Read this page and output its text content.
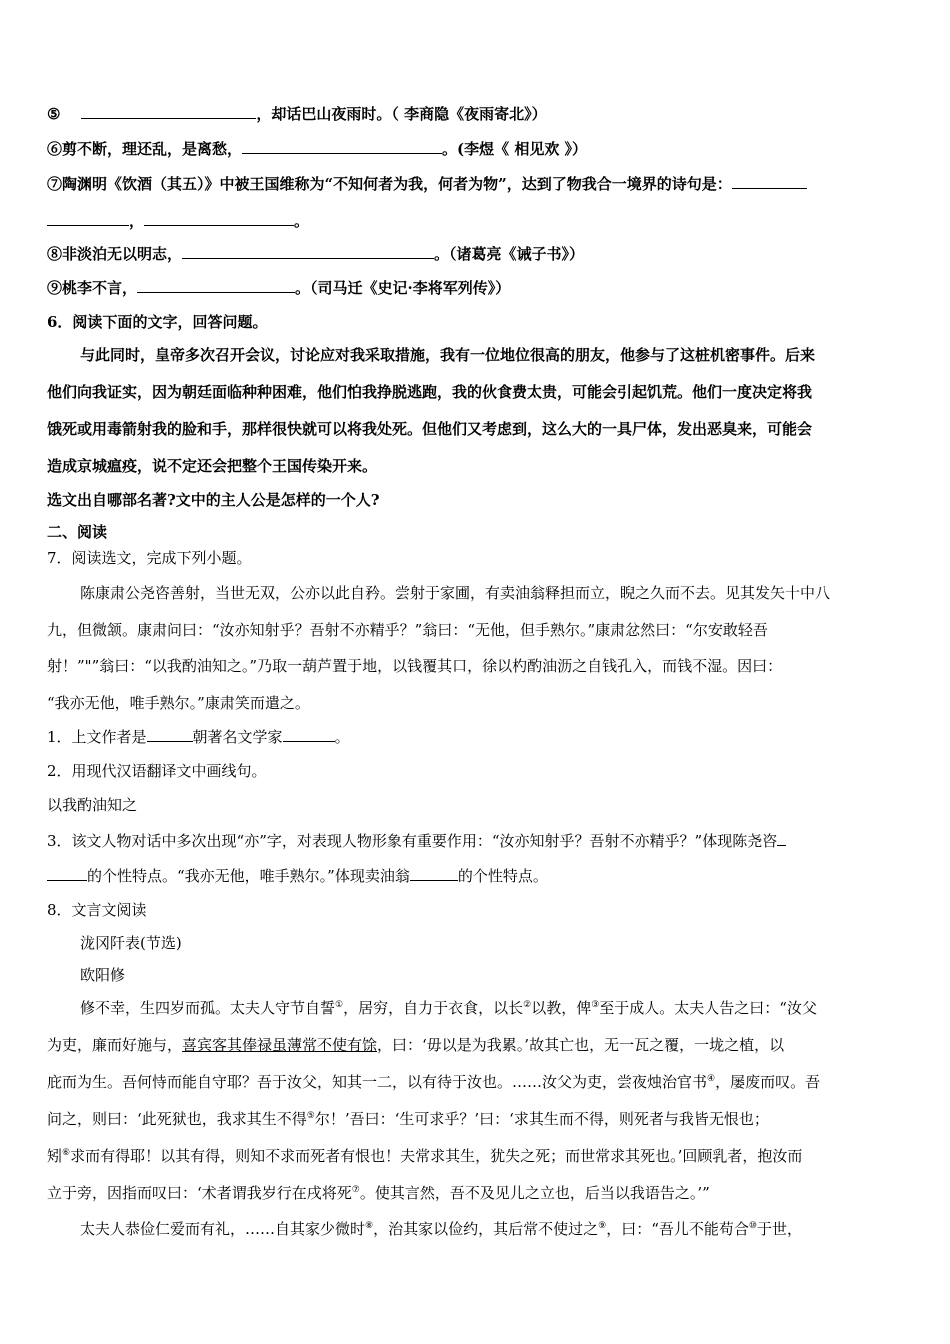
⑤	，却话巴山夜雨时。（ 李商隐《夜雨寄北》）
⑥剪不断，理还乱，是离愁，	。(李煜《 相见欢 》）
⑦陶渊明《饮酒（其五）》中被王国维称为“不知何者为我，何者为物”，达到了物我合一境界的诗句是：
，	。
⑧非淡泊无以明志，	。（诸葛亮《诫子书》）
⑨桃李不言，	。（司马迁《史记·李将军列传》）
6．阅读下面的文字，回答问题。
与此同时，皇帝多次召开会议，讨论应对我采取措施，我有一位地位很高的朋友，他参与了这桩机密事件。后来
他们向我证实，因为朝廷面临种种困难，他们怕我挣脱逃跑，我的伙食费太贵，可能会引起饥荒。他们一度决定将我
饿死或用毒箭射我的脸和手，那样很快就可以将我处死。但他们又考虑到，这么大的一具尸体，发出恶臭来，可能会
造成京城瘟疫，说不定还会把整个王国传染开来。
选文出自哪部名著?文中的主人公是怎样的一个人?
二、阅读
7．阅读选文，完成下列小题。
陈康肃公尧咨善射，当世无双，公亦以此自矜。尝射于家圃，有卖油翁释担而立，睨之久而不去。见其发矢十中八
九，但微颔。康肃问曰：“汝亦知射乎？吾射不亦精乎？”翁曰：“无他，但手熟尔。”康肃忿然曰：“尔安敢轻吾
射！”"”翁曰：“以我酌油知之。”乃取一葫芦置于地，以钱覆其口，徐以杓酌油沥之自钱孔入，而钱不湿。因曰：
“我亦无他，唯手熟尔。”康肃笑而遣之。
1．上文作者是	朝著名文学家	。
2．用现代汉语翻译文中画线句。
以我酌油知之
3．该文人物对话中多次出现“亦”字，对表现人物形象有重要作用：“汝亦知射乎？吾射不亦精乎？”体现陈尧咨
的个性特点。“我亦无他，唯手熟尔。”体现卖油翁	的个性特点。
8．文言文阅读
泷冈阡表(节选)
欧阳修
修不幸，生四岁而孤。太夫人守节自誓①，居穷，自力于衣食，以长②以教，俾③至于成人。太夫人告之曰：“汝父
为吏，廉而好施与，喜宾客其俸禄虽薄常不使有馀，曰：‘毋以是为我累。’故其亡也，无一瓦之覆，一垅之植，以
庇而为生。吾何恃而能自守耶？吾于汝父，知其一二，以有待于汝也。……汝父为吏，尝夜烛治官书④，屡废而叹。吾
问之，则曰：‘此死狱也，我求其生不得⑤尔！’吾曰：‘生可求乎？’曰：‘求其生而不得，则死者与我皆无恨也；
矧⑥求而有得耶！以其有得，则知不求而死者有恨也！夫常求其生，犹失之死；而世常求其死也。’回顾乳者，抱汝而
立于旁，因指而叹曰：‘术者谓我岁行在戌将死⑦。使其言然，吾不及见儿之立也，后当以我语告之。’”
太夫人恭俭仁爱而有礼，……自其家少微时⑧，治其家以俭约，其后常不使过之⑨，曰：“吾儿不能苟合⑩于世，
